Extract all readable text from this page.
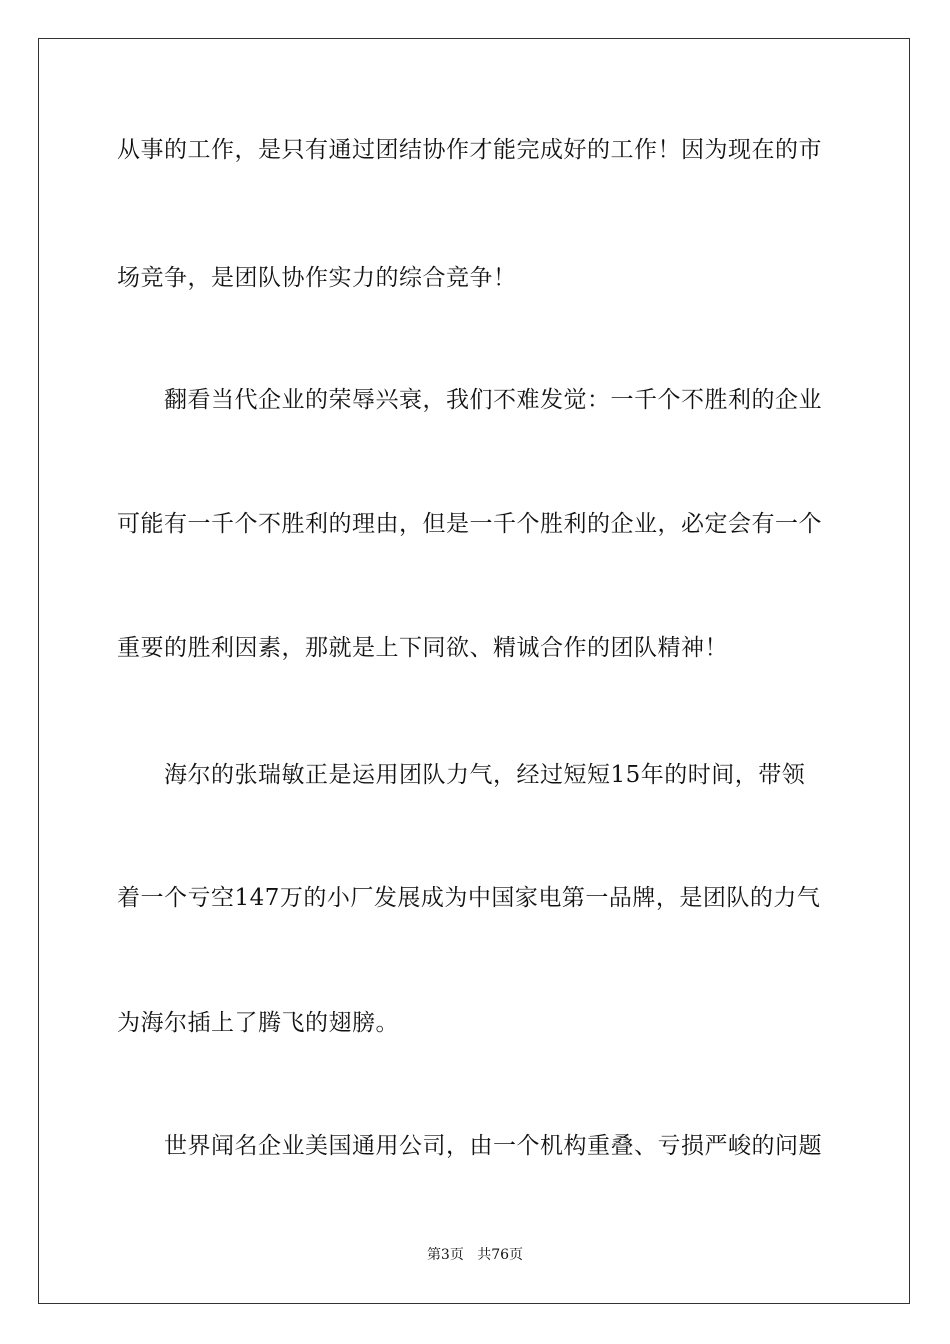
从事的工作，是只有通过团结协作才能完成好的工作！因为现在的市
场竞争，是团队协作实力的综合竞争！
　　翻看当代企业的荣辱兴衰，我们不难发觉：一千个不胜利的企业
可能有一千个不胜利的理由，但是一千个胜利的企业，必定会有一个
重要的胜利因素，那就是上下同欲、精诚合作的团队精神！
　　海尔的张瑞敏正是运用团队力气，经过短短15年的时间，带领
着一个亏空147万的小厂发展成为中国家电第一品牌，是团队的力气
为海尔插上了腾飞的翅膀。
　　世界闻名企业美国通用公司，由一个机构重叠、亏损严峻的问题
第3页 共76页
